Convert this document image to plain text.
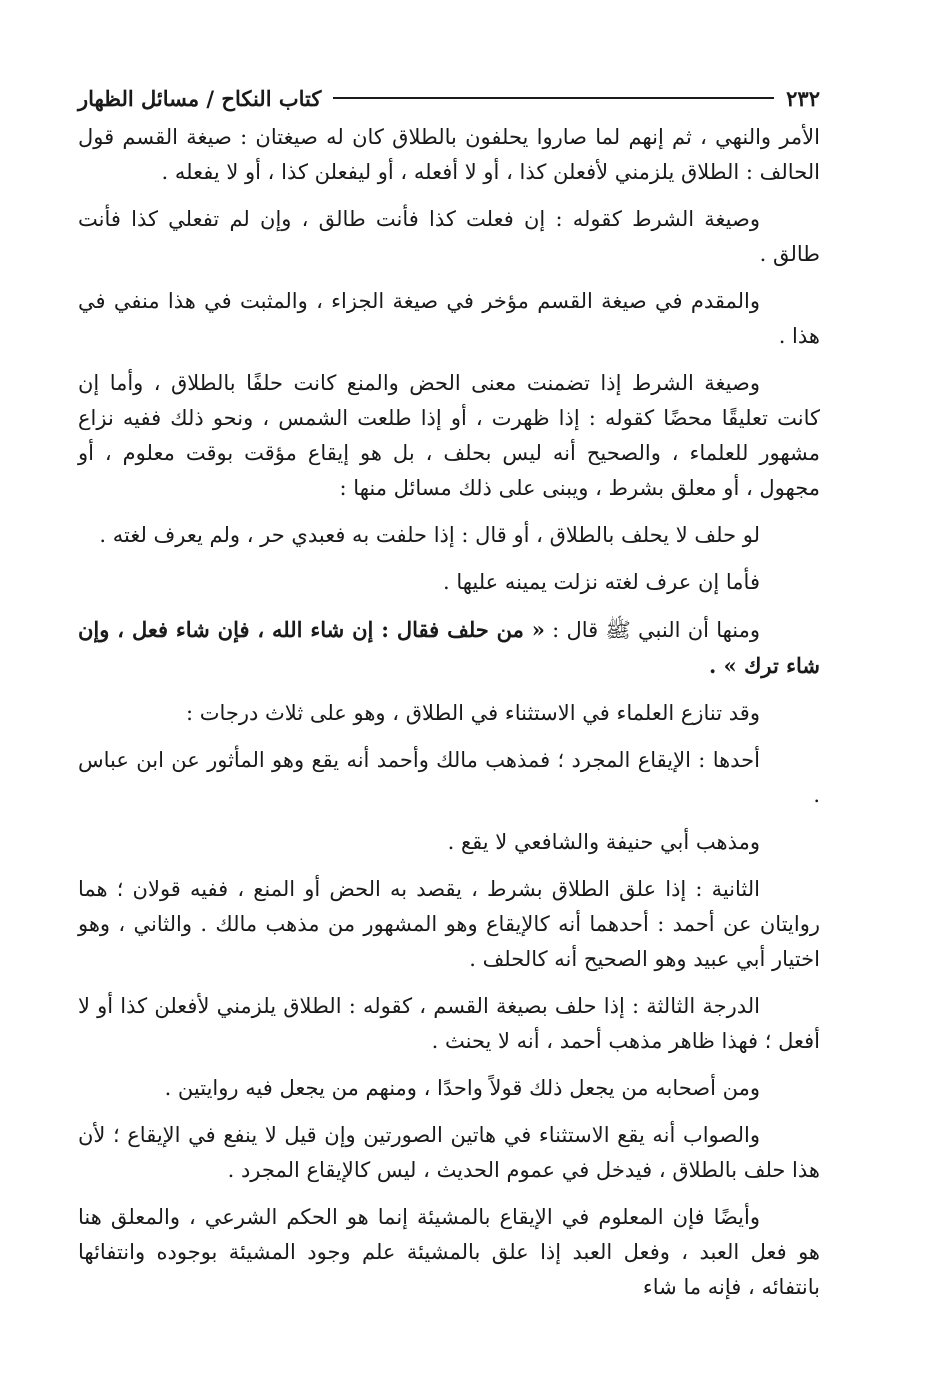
٢٣٢
كتاب النكاح / مسائل الظهار

الأمر والنهي ، ثم إنهم لما صاروا يحلفون بالطلاق كان له صيغتان : صيغة القسم قول الحالف : الطلاق يلزمني لأفعلن كذا ، أو لا أفعله ، أو ليفعلن كذا ، أو لا يفعله .

وصيغة الشرط كقوله : إن فعلت كذا فأنت طالق ، وإن لم تفعلي كذا فأنت طالق .

والمقدم في صيغة القسم مؤخر في صيغة الجزاء ، والمثبت في هذا منفي في هذا .

وصيغة الشرط إذا تضمنت معنى الحض والمنع كانت حلفًا بالطلاق ، وأما إن كانت تعليقًا محضًا كقوله : إذا ظهرت ، أو إذا طلعت الشمس ، ونحو ذلك ففيه نزاع مشهور للعلماء ، والصحيح أنه ليس بحلف ، بل هو إيقاع مؤقت بوقت معلوم ، أو مجهول ، أو معلق بشرط ، ويبنى على ذلك مسائل منها :

لو حلف لا يحلف بالطلاق ، أو قال : إذا حلفت به فعبدي حر ، ولم يعرف لغته .

فأما إن عرف لغته نزلت يمينه عليها .

ومنها أن النبي ﷺ قال : « من حلف فقال : إن شاء الله ، فإن شاء فعل ، وإن شاء ترك » .

وقد تنازع العلماء في الاستثناء في الطلاق ، وهو على ثلاث درجات :

أحدها : الإيقاع المجرد ؛ فمذهب مالك وأحمد أنه يقع وهو المأثور عن ابن عباس .

ومذهب أبي حنيفة والشافعي لا يقع .

الثانية : إذا علق الطلاق بشرط ، يقصد به الحض أو المنع ، ففيه قولان ؛ هما روايتان عن أحمد : أحدهما أنه كالإيقاع وهو المشهور من مذهب مالك . والثاني ، وهو اختيار أبي عبيد وهو الصحيح أنه كالحلف .

الدرجة الثالثة : إذا حلف بصيغة القسم ، كقوله : الطلاق يلزمني لأفعلن كذا أو لا أفعل ؛ فهذا ظاهر مذهب أحمد ، أنه لا يحنث .

ومن أصحابه من يجعل ذلك قولاً واحدًا ، ومنهم من يجعل فيه روايتين .

والصواب أنه يقع الاستثناء في هاتين الصورتين وإن قيل لا ينفع في الإيقاع ؛ لأن هذا حلف بالطلاق ، فيدخل في عموم الحديث ، ليس كالإيقاع المجرد .

وأيضًا فإن المعلوم في الإيقاع بالمشيئة إنما هو الحكم الشرعي ، والمعلق هنا هو فعل العبد ، وفعل العبد إذا علق بالمشيئة علم وجود المشيئة بوجوده وانتفائها بانتفائه ، فإنه ما شاء
